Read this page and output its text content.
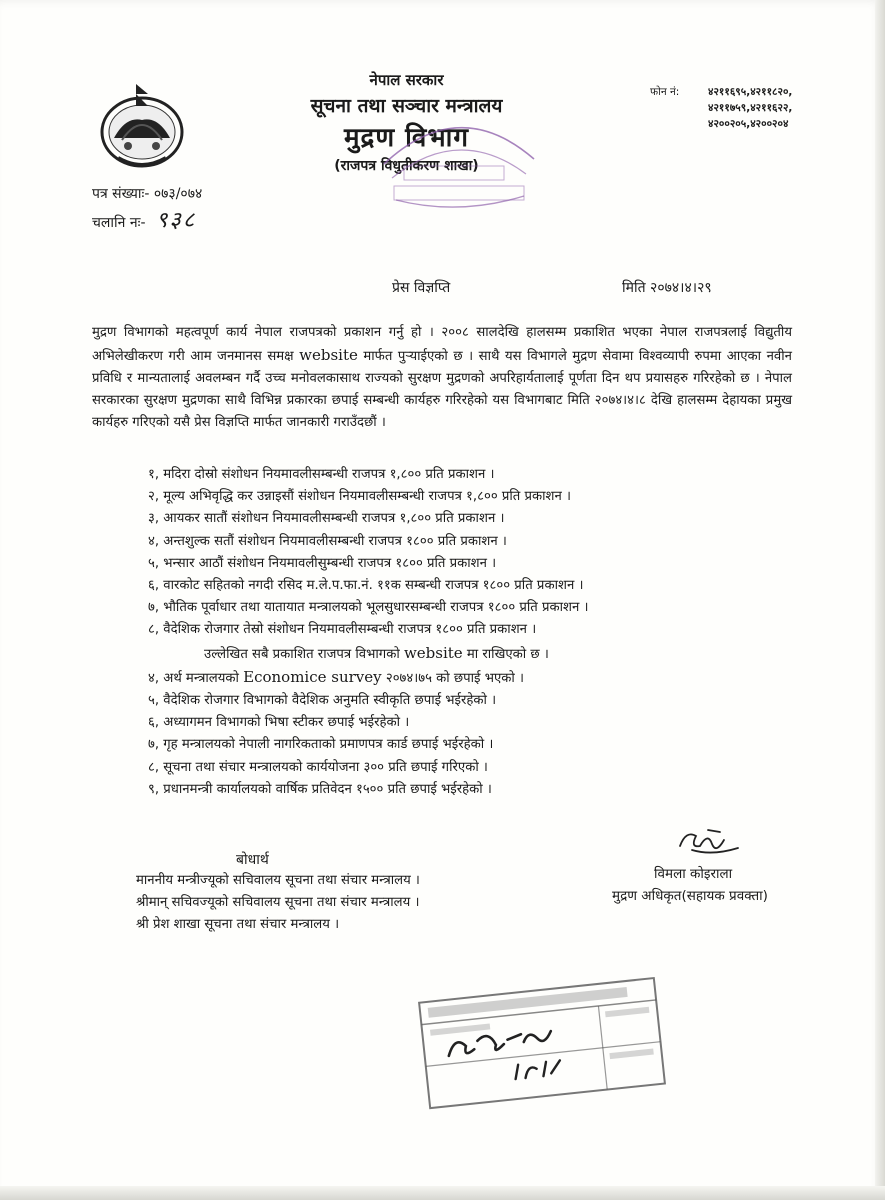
नेपाल सरकार
सूचना तथा सञ्चार मन्त्रालय
मुद्रण विभाग
(राजपत्र विधुतीकरण शाखा)
फोन नं:	४२११६९५,४२११८२०,
४२११७५९,४२११६२२,
४२००२०५,४२००२०४
पत्र संख्याः- ०७३/०७४
चलानि नः- ९३८
प्रेस विज्ञप्ति	मिति २०७४।४।२९

मुद्रण विभागको महत्वपूर्ण कार्य नेपाल राजपत्रको प्रकाशन गर्नु हो । २००८ सालदेखि हालसम्म प्रकाशित भएका नेपाल राजपत्रलाई विद्युतीय अभिलेखीकरण गरी आम जनमानस समक्ष website मार्फत पुऱ्याईएको छ । साथै यस विभागले मुद्रण सेवामा विश्वव्यापी रुपमा आएका नवीन प्रविधि र मान्यतालाई अवलम्बन गर्दै उच्च मनोवलकासाथ राज्यको सुरक्षण मुद्रणको अपरिहार्यतालाई पूर्णता दिन थप प्रयासहरु गरिरहेको छ । नेपाल सरकारका सुरक्षण मुद्रणका साथै विभिन्न प्रकारका छपाई सम्बन्धी कार्यहरु गरिरहेको यस विभागबाट मिति २०७४।४।८ देखि हालसम्म देहायका प्रमुख कार्यहरु गरिएको यसै प्रेस विज्ञप्ति मार्फत जानकारी गराउँदछौं ।

१, मदिरा दोस्रो संशोधन नियमावलीसम्बन्धी राजपत्र १,८०० प्रति प्रकाशन ।
२, मूल्य अभिवृद्धि कर उन्नाइसौं संशोधन नियमावलीसम्बन्धी राजपत्र १,८०० प्रति प्रकाशन ।
३, आयकर सातौं संशोधन नियमावलीसम्बन्धी राजपत्र १,८०० प्रति प्रकाशन ।
४, अन्तशुल्क सतौं संशोधन नियमावलीसम्बन्धी राजपत्र १८०० प्रति प्रकाशन ।
५, भन्सार आठौं संशोधन नियमावलीसुम्बन्धी राजपत्र १८०० प्रति प्रकाशन ।
६, वारकोट सहितको नगदी रसिद म.ले.प.फा.नं. ११क सम्बन्धी राजपत्र १८०० प्रति प्रकाशन ।
७, भौतिक पूर्वाधार तथा यातायात मन्त्रालयको भूलसुधारसम्बन्धी राजपत्र १८०० प्रति प्रकाशन ।
८, वैदेशिक रोजगार तेस्रो संशोधन नियमावलीसम्बन्धी राजपत्र १८०० प्रति प्रकाशन ।
उल्लेखित सबै प्रकाशित राजपत्र विभागको website मा राखिएको छ ।
४, अर्थ मन्त्रालयको Economice survey २०७४।७५ को छपाई भएको ।
५, वैदेशिक रोजगार विभागको वैदेशिक अनुमति स्वीकृति छपाई भईरहेको ।
६, अध्यागमन विभागको भिषा स्टीकर छपाई भईरहेको ।
७, गृह मन्त्रालयको नेपाली नागरिकताको प्रमाणपत्र कार्ड छपाई भईरहेको ।
८, सूचना तथा संचार मन्त्रालयको कार्ययोजना ३०० प्रति छपाई गरिएको ।
९, प्रधानमन्त्री कार्यालयको वार्षिक प्रतिवेदन १५०० प्रति छपाई भईरहेको ।
बोधार्थ
माननीय मन्त्रीज्यूको सचिवालय सूचना तथा संचार मन्त्रालय ।
श्रीमान् सचिवज्यूको सचिवालय सूचना तथा संचार मन्त्रालय ।
श्री प्रेश शाखा सूचना तथा संचार मन्त्रालय ।
विमला कोइराला
मुद्रण अधिकृत(सहायक प्रवक्ता)
